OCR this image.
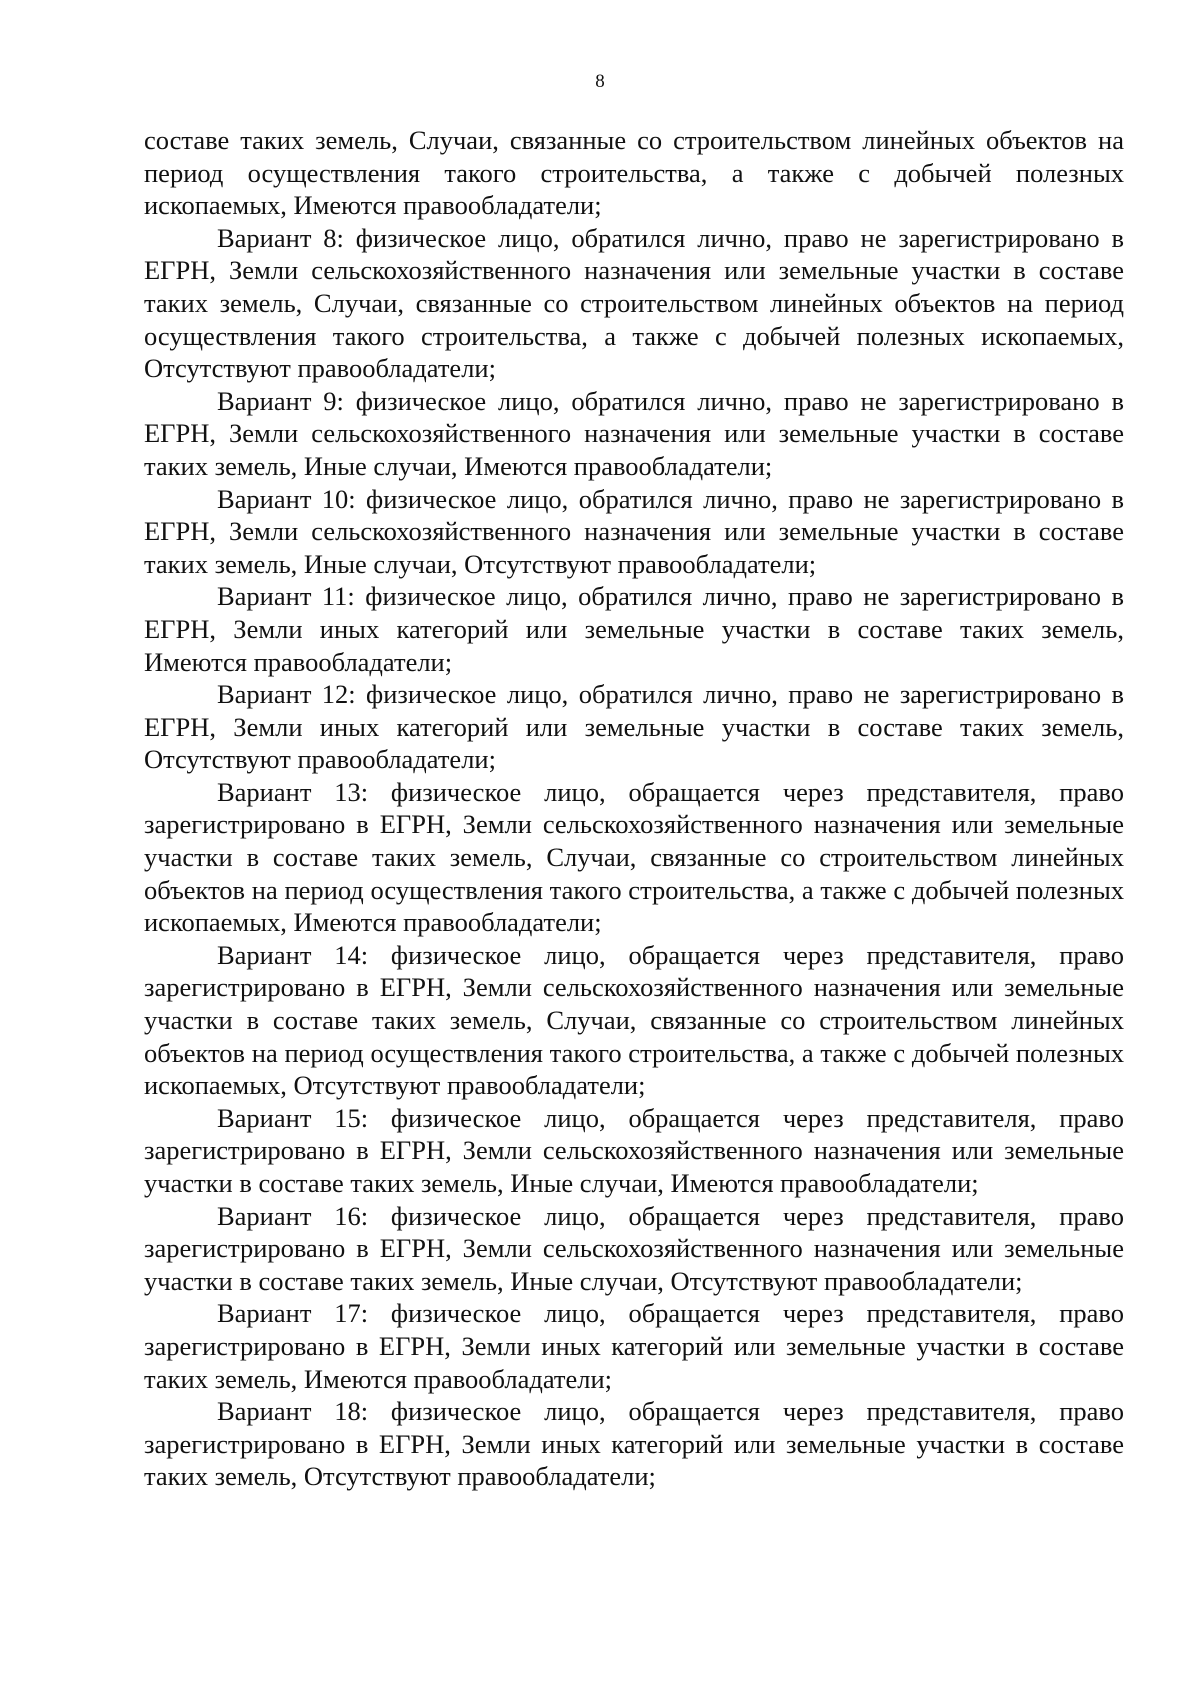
8

составе таких земель, Случаи, связанные со строительством линейных объектов на период осуществления такого строительства, а также с добычей полезных ископаемых, Имеются правообладатели;

Вариант 8: физическое лицо, обратился лично, право не зарегистрировано в ЕГРН, Земли сельскохозяйственного назначения или земельные участки в составе таких земель, Случаи, связанные со строительством линейных объектов на период осуществления такого строительства, а также с добычей полезных ископаемых, Отсутствуют правообладатели;

Вариант 9: физическое лицо, обратился лично, право не зарегистрировано в ЕГРН, Земли сельскохозяйственного назначения или земельные участки в составе таких земель, Иные случаи, Имеются правообладатели;

Вариант 10: физическое лицо, обратился лично, право не зарегистрировано в ЕГРН, Земли сельскохозяйственного назначения или земельные участки в составе таких земель, Иные случаи, Отсутствуют правообладатели;

Вариант 11: физическое лицо, обратился лично, право не зарегистрировано в ЕГРН, Земли иных категорий или земельные участки в составе таких земель, Имеются правообладатели;

Вариант 12: физическое лицо, обратился лично, право не зарегистрировано в ЕГРН, Земли иных категорий или земельные участки в составе таких земель, Отсутствуют правообладатели;

Вариант 13: физическое лицо, обращается через представителя, право зарегистрировано в ЕГРН, Земли сельскохозяйственного назначения или земельные участки в составе таких земель, Случаи, связанные со строительством линейных объектов на период осуществления такого строительства, а также с добычей полезных ископаемых, Имеются правообладатели;

Вариант 14: физическое лицо, обращается через представителя, право зарегистрировано в ЕГРН, Земли сельскохозяйственного назначения или земельные участки в составе таких земель, Случаи, связанные со строительством линейных объектов на период осуществления такого строительства, а также с добычей полезных ископаемых, Отсутствуют правообладатели;

Вариант 15: физическое лицо, обращается через представителя, право зарегистрировано в ЕГРН, Земли сельскохозяйственного назначения или земельные участки в составе таких земель, Иные случаи, Имеются правообладатели;

Вариант 16: физическое лицо, обращается через представителя, право зарегистрировано в ЕГРН, Земли сельскохозяйственного назначения или земельные участки в составе таких земель, Иные случаи, Отсутствуют правообладатели;

Вариант 17: физическое лицо, обращается через представителя, право зарегистрировано в ЕГРН, Земли иных категорий или земельные участки в составе таких земель, Имеются правообладатели;

Вариант 18: физическое лицо, обращается через представителя, право зарегистрировано в ЕГРН, Земли иных категорий или земельные участки в составе таких земель, Отсутствуют правообладатели;
